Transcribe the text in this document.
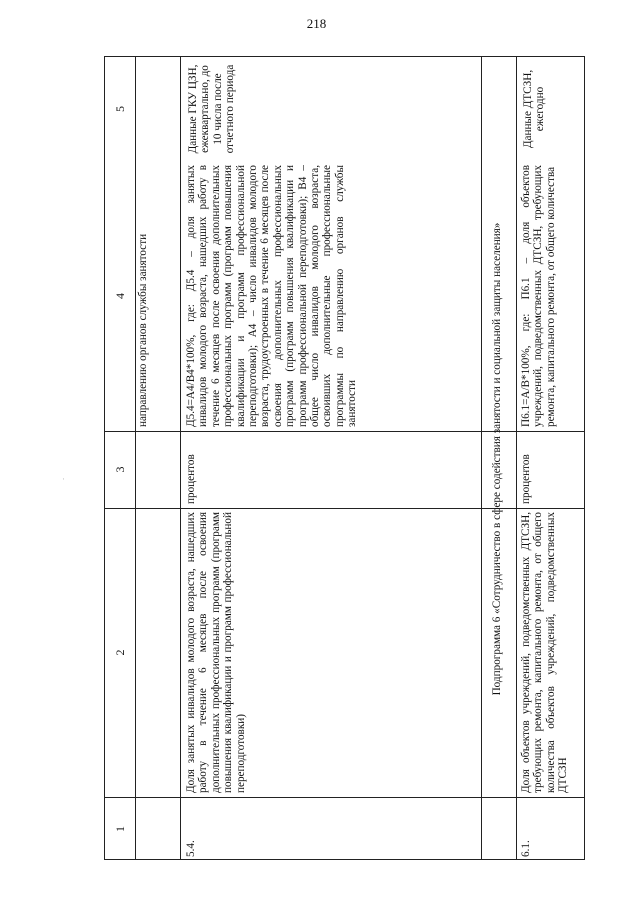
218
·
1
2
3
4
5
направлению органов службы занятости
5.4.
Доля занятых инвалидов молодого возраста, нашедших работу в течение 6 месяцев после освоения дополнительных профессиональных программ (программ повышения квалификации и программ профессиональной переподготовки)
процентов
Д5.4=А4/В4*100%, где: Д5.4 – доля занятых инвалидов молодого возраста, нашедших работу в течение 6 месяцев после освоения дополнительных профессиональных программ (программ повышения квалификации и программ профессиональной переподготовки); А4 – число инвалидов молодого возраста, трудоустроенных в течение 6 месяцев после освоения дополнительных профессиональных программ (программ повышения квалификации и программ профессиональной переподготовки); В4 – общее число инвалидов молодого возраста, освоивших дополнительные профессиональные программы по направлению органов службы занятости
Данные ГКУ ЦЗН, ежеквартально, до 10 числа после отчетного периода
Подпрограмма 6 «Сотрудничество в сфере содействия занятости и социальной защиты населения»
6.1.
Доля объектов учреждений, подведомственных ДТСЗН, требующих ремонта, капитального ремонта, от общего количества объектов учреждений, подведомственных ДТСЗН
процентов
П6.1=А/В*100%, где: П6.1 – доля объектов учреждений, подведомственных ДТСЗН, требующих ремонта, капитального ремонта, от общего количества
Данные ДТСЗН, ежегодно
